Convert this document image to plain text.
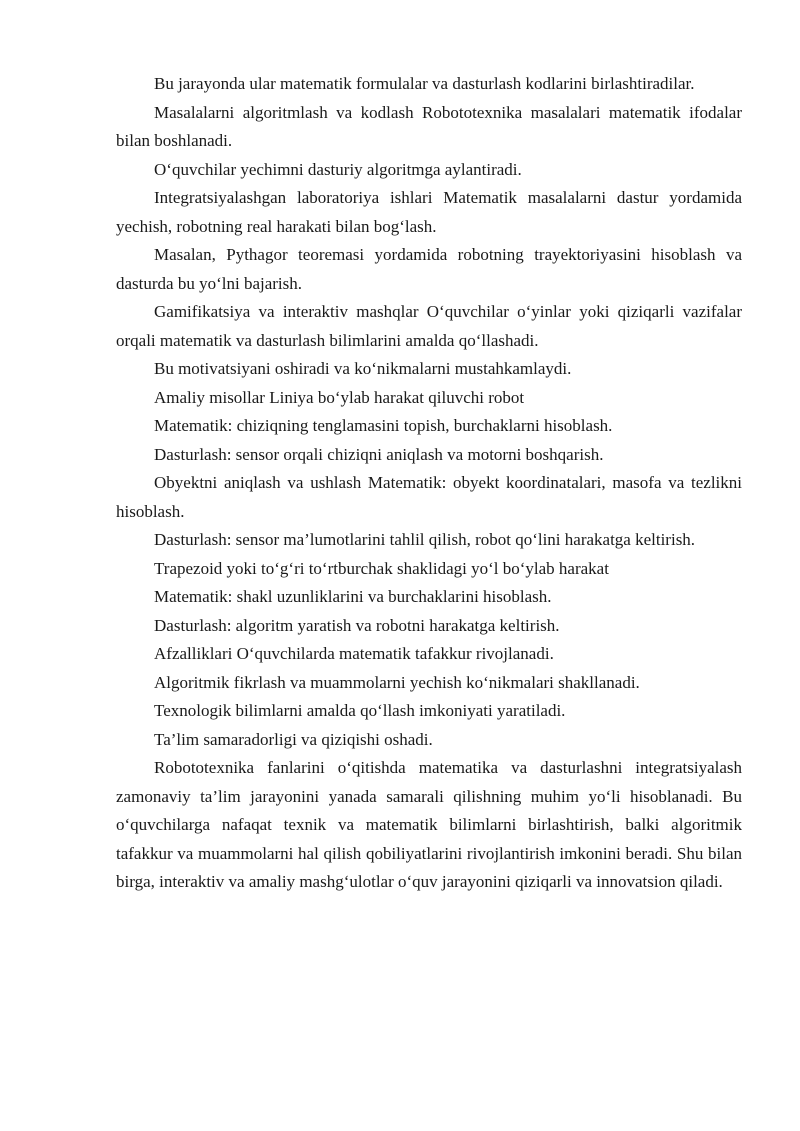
Bu jarayonda ular matematik formulalar va dasturlash kodlarini birlashtiradilar.

Masalalarni algoritmlash va kodlash Robototexnika masalalari matematik ifodalar bilan boshlanadi.

O‘quvchilar yechimni dasturiy algoritmga aylantiradi.

Integratsiyalashgan laboratoriya ishlari Matematik masalalarni dastur yordamida yechish, robotning real harakati bilan bog‘lash.

Masalan, Pythagor teoremasi yordamida robotning trayektoriyasini hisoblash va dasturda bu yo‘lni bajarish.

Gamifikatsiya va interaktiv mashqlar O‘quvchilar o‘yinlar yoki qiziqarli vazifalar orqali matematik va dasturlash bilimlarini amalda qo‘llashadi.

Bu motivatsiyani oshiradi va ko‘nikmalarni mustahkamlaydi.

Amaliy misollar Liniya bo‘ylab harakat qiluvchi robot

Matematik: chiziqning tenglamasini topish, burchaklarni hisoblash.

Dasturlash: sensor orqali chiziqni aniqlash va motorni boshqarish.

Obyektni aniqlash va ushlash Matematik: obyekt koordinatalari, masofa va tezlikni hisoblash.

Dasturlash: sensor ma’lumotlarini tahlil qilish, robot qo‘lini harakatga keltirish.

Trapezoid yoki to‘g‘ri to‘rtburchak shaklidagi yo‘l bo‘ylab harakat

Matematik: shakl uzunliklarini va burchaklarini hisoblash.

Dasturlash: algoritm yaratish va robotni harakatga keltirish.

Afzalliklari O‘quvchilarda matematik tafakkur rivojlanadi.

Algoritmik fikrlash va muammolarni yechish ko‘nikmalari shakllanadi.

Texnologik bilimlarni amalda qo‘llash imkoniyati yaratiladi.

Ta’lim samaradorligi va qiziqishi oshadi.

Robototexnika fanlarini o‘qitishda matematika va dasturlashni integratsiyalash zamonaviy ta’lim jarayonini yanada samarali qilishning muhim yo‘li hisoblanadi. Bu o‘quvchilarga nafaqat texnik va matematik bilimlarni birlashtirish, balki algoritmik tafakkur va muammolarni hal qilish qobiliyatlarini rivojlantirish imkonini beradi. Shu bilan birga, interaktiv va amaliy mashg‘ulotlar o‘quv jarayonini qiziqarli va innovatsion qiladi.
